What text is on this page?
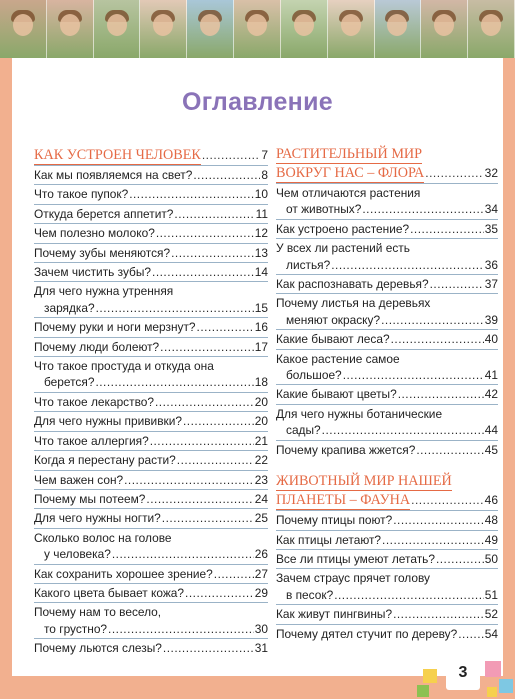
Оглавление
КАК УСТРОЕН ЧЕЛОВЕК .....	7
Как мы появляемся на свет? .....	8
Что такое пупок? .....	10
Откуда берется аппетит? .....	11
Чем полезно молоко? .....	12
Почему зубы меняются? .....	13
Зачем чистить зубы? .....	14
Для чего нужна утренняя
зарядка? .....	15
Почему руки и ноги мерзнут? .....	16
Почему люди болеют? .....	17
Что такое простуда и откуда она
берется? .....	18
Что такое лекарство? .....	20
Для чего нужны прививки? .....	20
Что такое аллергия? .....	21
Когда я перестану расти? .....	22
Чем важен сон? .....	23
Почему мы потеем? .....	24
Для чего нужны ногти? .....	25
Сколько волос на голове
у человека? .....	26
Как сохранить хорошее зрение? .....	27
Какого цвета бывает кожа? .....	29
Почему нам то весело,
то грустно? .....	30
Почему льются слезы? .....	31
РАСТИТЕЛЬНЫЙ МИР
ВОКРУГ НАС – ФЛОРА .....	32
Чем отличаются растения
от животных? .....	34
Как устроено растение? .....	35
У всех ли растений есть
листья? .....	36
Как распознавать деревья? .....	37
Почему листья на деревьях
меняют окраску? .....	39
Какие бывают леса? .....	40
Какое растение самое
большое? .....	41
Какие бывают цветы? .....	42
Для чего нужны ботанические
сады? .....	44
Почему крапива жжется? .....	45
ЖИВОТНЫЙ МИР НАШЕЙ
ПЛАНЕТЫ – ФАУНА .....	46
Почему птицы поют? .....	48
Как птицы летают? .....	49
Все ли птицы умеют летать? .....	50
Зачем страус прячет голову
в песок? .....	51
Как живут пингвины? .....	52
Почему дятел стучит по дереву? ..... 54
3
